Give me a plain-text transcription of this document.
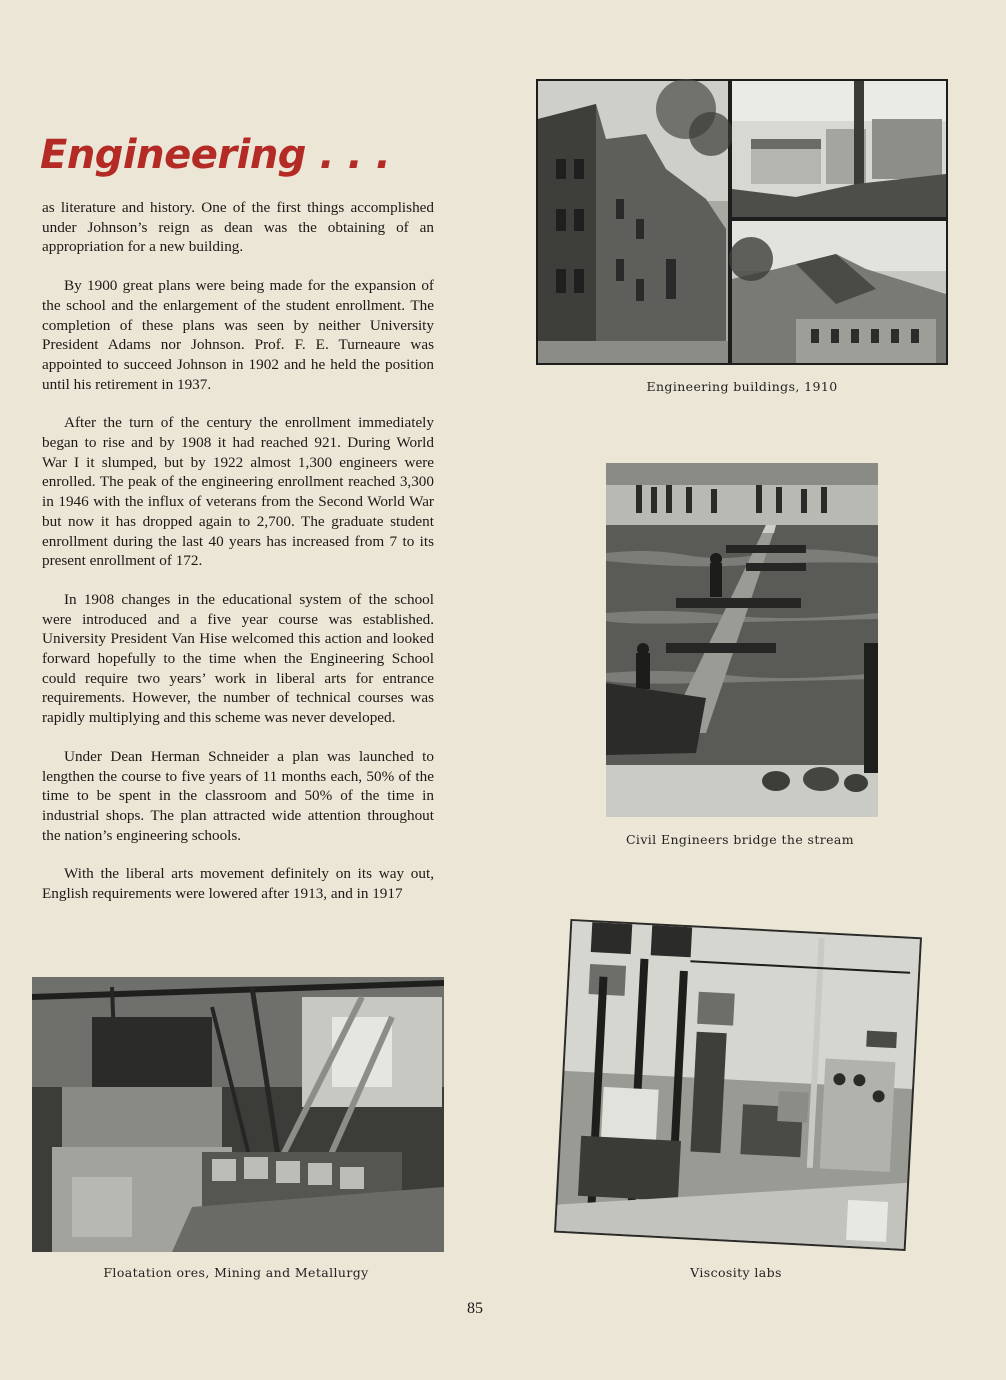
Engineering . . .

as literature and history. One of the first things accomplished under Johnson’s reign as dean was the obtaining of an appropriation for a new building.

By 1900 great plans were being made for the expansion of the school and the enlargement of the student enrollment. The completion of these plans was seen by neither University President Adams nor Johnson. Prof. F. E. Turneaure was appointed to succeed Johnson in 1902 and he held the position until his retirement in 1937.

After the turn of the century the enrollment immediately began to rise and by 1908 it had reached 921. During World War I it slumped, but by 1922 almost 1,300 engineers were enrolled. The peak of the engineering enrollment reached 3,300 in 1946 with the influx of veterans from the Second World War but now it has dropped again to 2,700. The graduate student enrollment during the last 40 years has increased from 7 to its present enrollment of 172.

In 1908 changes in the educational system of the school were introduced and a five year course was established. University President Van Hise welcomed this action and looked forward hopefully to the time when the Engineering School could require two years’ work in liberal arts for entrance requirements. However, the number of technical courses was rapidly multiplying and this scheme was never developed.

Under Dean Herman Schneider a plan was launched to lengthen the course to five years of 11 months each, 50% of the time to be spent in the classroom and 50% of the time in industrial shops. The plan attracted wide attention throughout the nation’s engineering schools.

With the liberal arts movement definitely on its way out, English requirements were lowered after 1913, and in 1917

Engineering buildings, 1910
Civil Engineers bridge the stream
Floatation ores, Mining and Metallurgy	Viscosity labs
85
